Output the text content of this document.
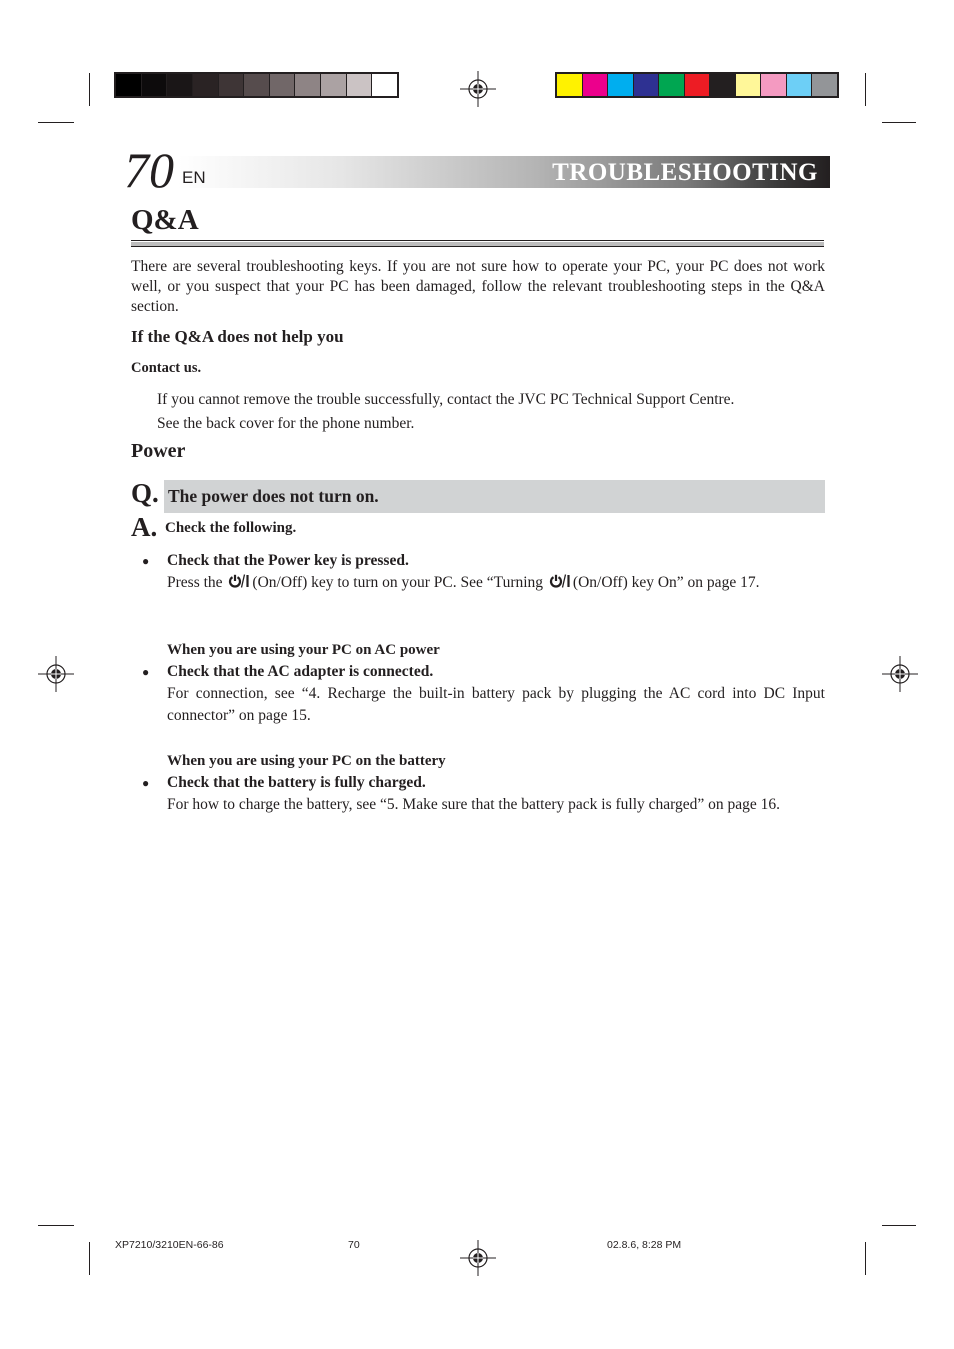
70 EN	TROUBLESHOOTING
Q&A
There are several troubleshooting keys. If you are not sure how to operate your PC, your PC does not work well, or you suspect that your PC has been damaged, follow the relevant troubleshooting steps in the Q&A section.
If the Q&A does not help you
Contact us.

If you cannot remove the trouble successfully, contact the JVC PC Technical Support Centre.

See the back cover for the phone number.

Power
Q. The power does not turn on.
A. Check the following.
● Check that the Power key is pressed.
Press the (On/Off) key to turn on your PC. See “Turning (On/Off) key On” on page 17.
When you are using your PC on AC power
● Check that the AC adapter is connected.
For connection, see “4. Recharge the built-in battery pack by plugging the AC cord into DC Input connector” on page 15.
When you are using your PC on the battery
● Check that the battery is fully charged.
For how to charge the battery, see “5. Make sure that the battery pack is fully charged” on page 16.
XP7210/3210EN-66-86	70	02.8.6, 8:28 PM
